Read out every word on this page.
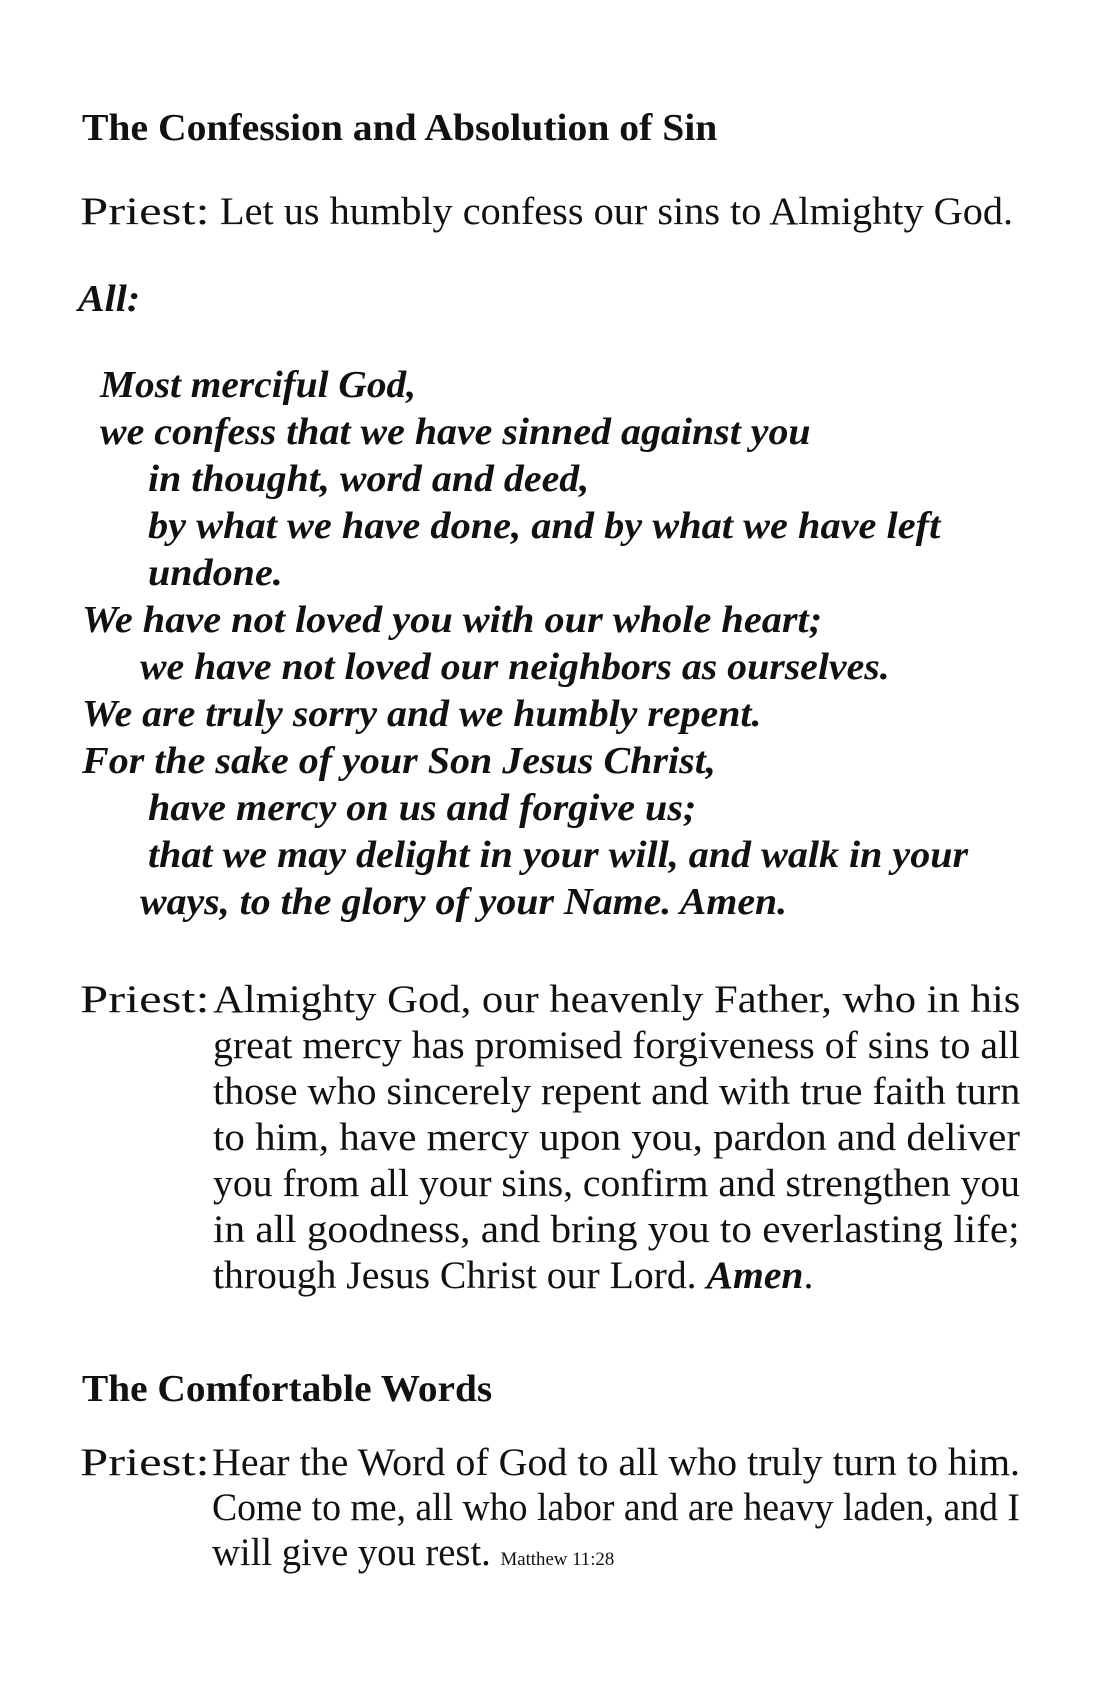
The Confession and Absolution of Sin
Priest: Let us humbly confess our sins to Almighty God.
All:
Most merciful God,
we confess that we have sinned against you
in thought, word and deed,
by what we have done, and by what we have left
undone.
We have not loved you with our whole heart;
we have not loved our neighbors as ourselves.
We are truly sorry and we humbly repent.
For the sake of your Son Jesus Christ,
have mercy on us and forgive us;
that we may delight in your will, and walk in your
ways, to the glory of your Name. Amen.
Priest: Almighty God, our heavenly Father, who in his
great mercy has promised forgiveness of sins to all
those who sincerely repent and with true faith turn
to him, have mercy upon you, pardon and deliver
you from all your sins, confirm and strengthen you
in all goodness, and bring you to everlasting life;
through Jesus Christ our Lord. Amen.
The Comfortable Words
Priest: Hear the Word of God to all who truly turn to him.
Come to me, all who labor and are heavy laden, and I
will give you rest. Matthew 11:28
